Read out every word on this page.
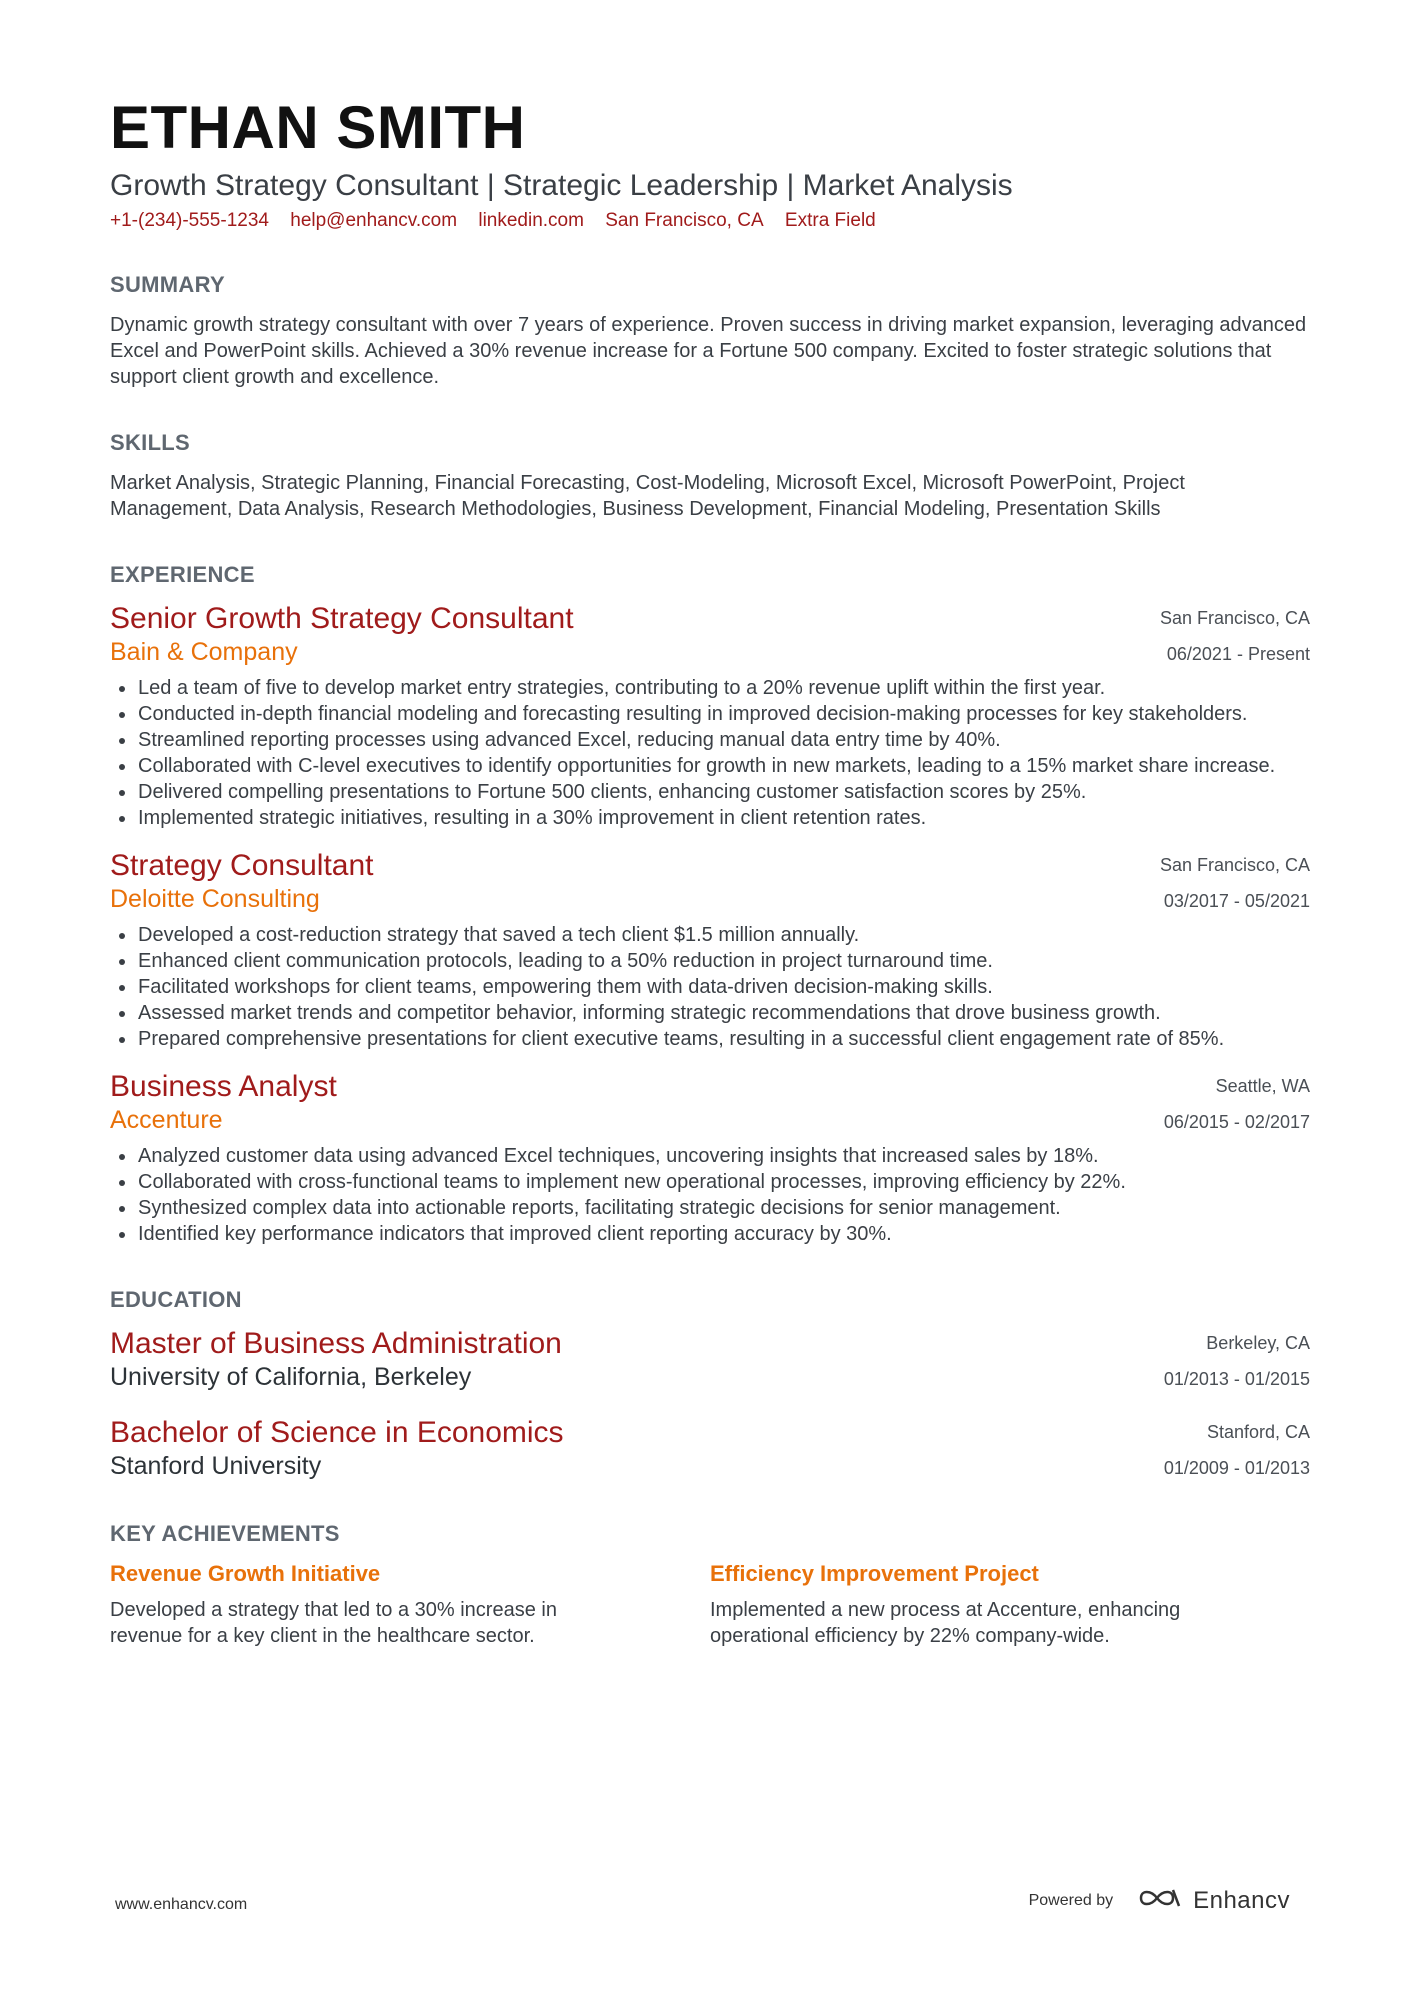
ETHAN SMITH
Growth Strategy Consultant | Strategic Leadership | Market Analysis
+1-(234)-555-1234 help@enhancv.com linkedin.com San Francisco, CA Extra Field
SUMMARY
Dynamic growth strategy consultant with over 7 years of experience. Proven success in driving market expansion, leveraging advanced Excel and PowerPoint skills. Achieved a 30% revenue increase for a Fortune 500 company. Excited to foster strategic solutions that support client growth and excellence.
SKILLS
Market Analysis, Strategic Planning, Financial Forecasting, Cost-Modeling, Microsoft Excel, Microsoft PowerPoint, Project Management, Data Analysis, Research Methodologies, Business Development, Financial Modeling, Presentation Skills
EXPERIENCE
Senior Growth Strategy Consultant
Bain & Company
San Francisco, CA
06/2021 - Present
Led a team of five to develop market entry strategies, contributing to a 20% revenue uplift within the first year.
Conducted in-depth financial modeling and forecasting resulting in improved decision-making processes for key stakeholders.
Streamlined reporting processes using advanced Excel, reducing manual data entry time by 40%.
Collaborated with C-level executives to identify opportunities for growth in new markets, leading to a 15% market share increase.
Delivered compelling presentations to Fortune 500 clients, enhancing customer satisfaction scores by 25%.
Implemented strategic initiatives, resulting in a 30% improvement in client retention rates.
Strategy Consultant
Deloitte Consulting
San Francisco, CA
03/2017 - 05/2021
Developed a cost-reduction strategy that saved a tech client $1.5 million annually.
Enhanced client communication protocols, leading to a 50% reduction in project turnaround time.
Facilitated workshops for client teams, empowering them with data-driven decision-making skills.
Assessed market trends and competitor behavior, informing strategic recommendations that drove business growth.
Prepared comprehensive presentations for client executive teams, resulting in a successful client engagement rate of 85%.
Business Analyst
Accenture
Seattle, WA
06/2015 - 02/2017
Analyzed customer data using advanced Excel techniques, uncovering insights that increased sales by 18%.
Collaborated with cross-functional teams to implement new operational processes, improving efficiency by 22%.
Synthesized complex data into actionable reports, facilitating strategic decisions for senior management.
Identified key performance indicators that improved client reporting accuracy by 30%.
EDUCATION
Master of Business Administration
University of California, Berkeley
Berkeley, CA
01/2013 - 01/2015
Bachelor of Science in Economics
Stanford University
Stanford, CA
01/2009 - 01/2013
KEY ACHIEVEMENTS
Revenue Growth Initiative
Developed a strategy that led to a 30% increase in revenue for a key client in the healthcare sector.
Efficiency Improvement Project
Implemented a new process at Accenture, enhancing operational efficiency by 22% company-wide.
www.enhancv.com	Powered by	Enhancv
